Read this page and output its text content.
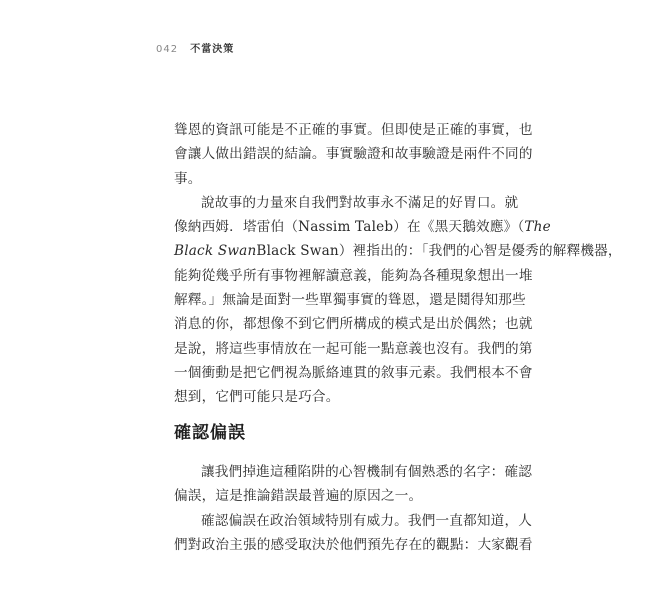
042 不當決策

聳恩的資訊可能是不正確的事實。但即使是正確的事實，也
會讓人做出錯誤的結論。事實驗證和故事驗證是兩件不同的
事。

說故事的力量來自我們對故事永不滿足的好胃口。就
像納西姆．塔雷伯（Nassim Taleb）在《黑天鵝效應》（The
Black SwanBlack Swan）裡指出的：「我們的心智是優秀的解釋機器，
能夠從幾乎所有事物裡解讀意義，能夠為各種現象想出一堆
解釋。」無論是面對一些單獨事實的聳恩，還是鬩得知那些
消息的你，都想像不到它們所構成的模式是出於偶然；也就
是說，將這些事情放在一起可能一點意義也沒有。我們的第
一個衝動是把它們視為脈絡連貫的敘事元素。我們根本不會
想到，它們可能只是巧合。

確認偏誤

讓我們掉進這種陷阱的心智機制有個熟悉的名字：確認
偏誤，這是推論錯誤最普遍的原因之一。

確認偏誤在政治領域特別有威力。我們一直都知道，人
們對政治主張的感受取決於他們預先存在的觀點：大家觀看
